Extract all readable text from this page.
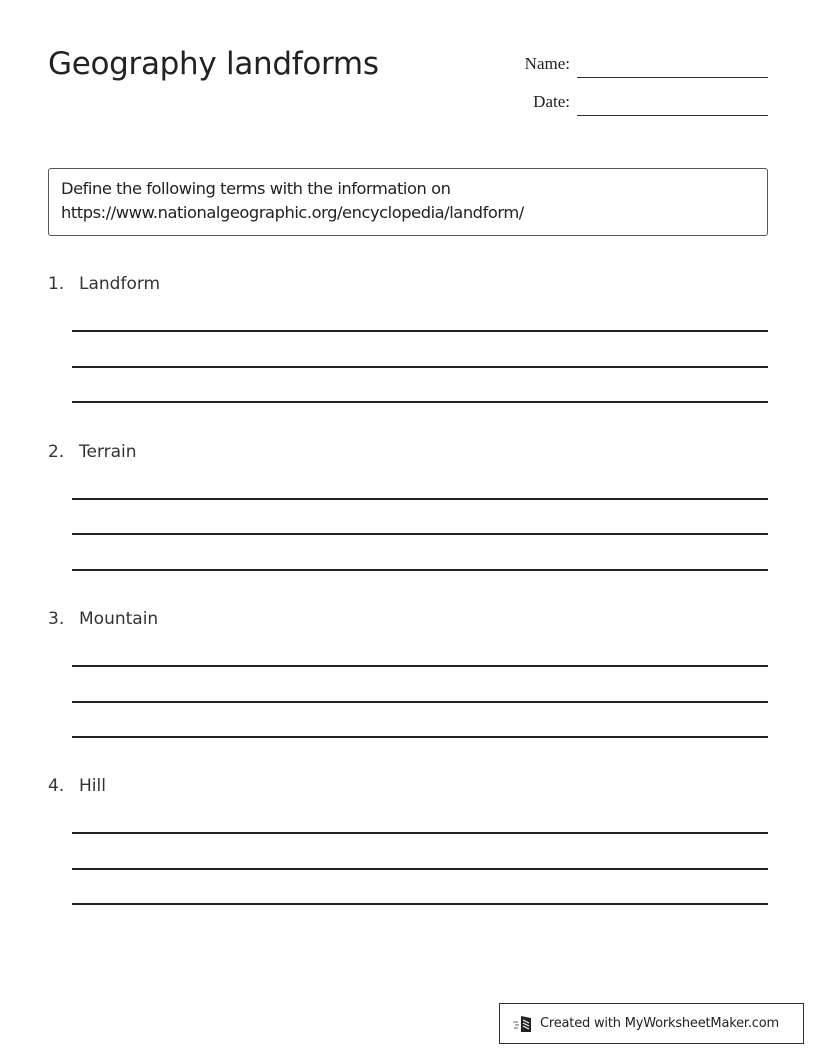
Geography landforms	Name:
Date:
Define the following terms with the information on
https://www.nationalgeographic.org/encyclopedia/landform/
1. Landform
2. Terrain
3. Mountain
4. Hill
Created with MyWorksheetMaker.com
